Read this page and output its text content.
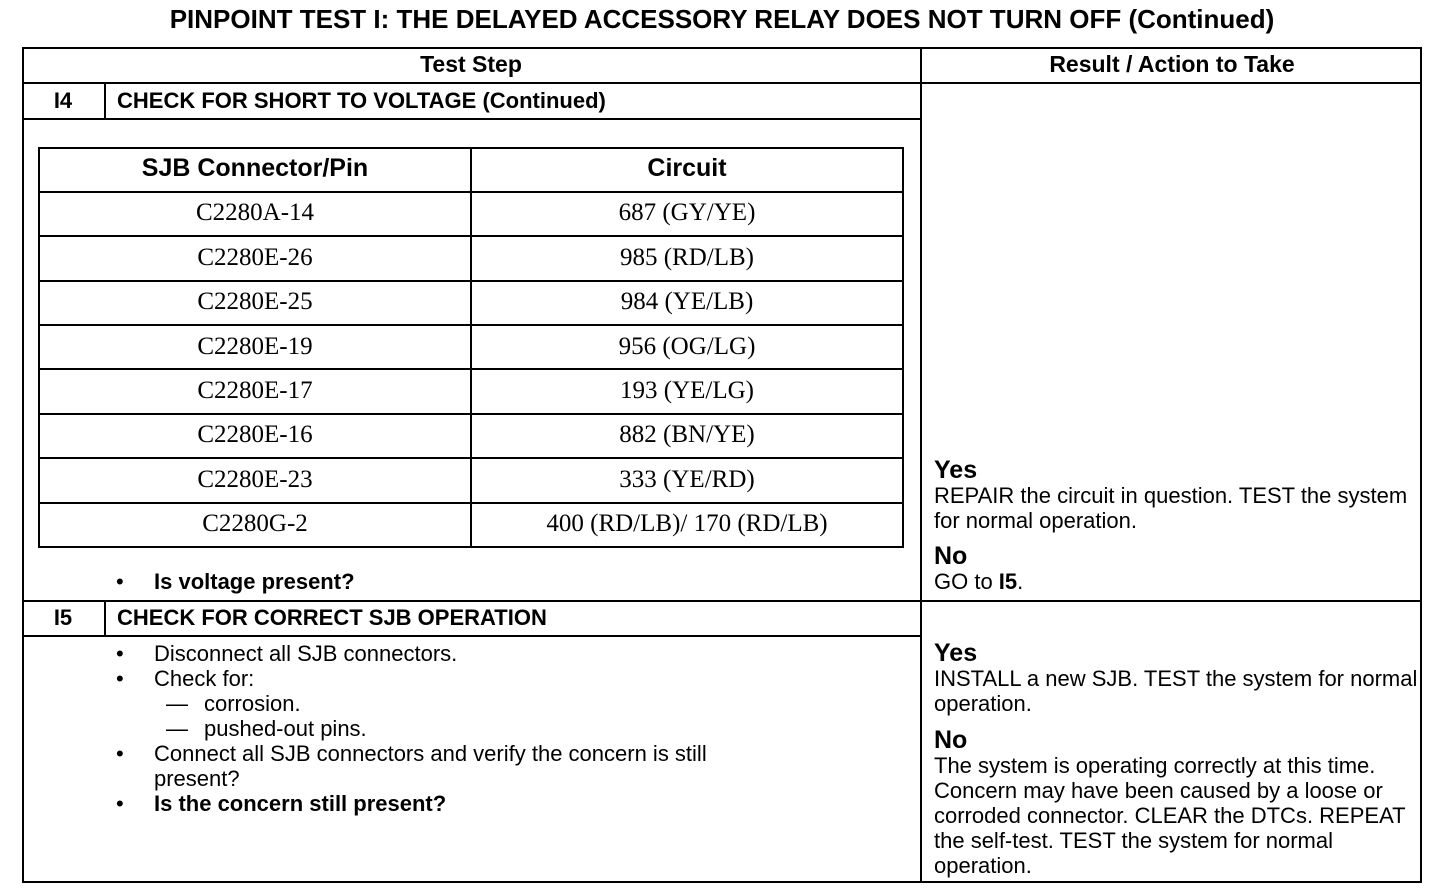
PINPOINT TEST I: THE DELAYED ACCESSORY RELAY DOES NOT TURN OFF (Continued)
Test Step	Result / Action to Take
I4	CHECK FOR SHORT TO VOLTAGE (Continued)
SJB Connector/Pin	Circuit
C2280A-14	687 (GY/YE)
C2280E-26	985 (RD/LB)
C2280E-25	984 (YE/LB)
C2280E-19	956 (OG/LG)
C2280E-17	193 (YE/LG)
C2280E-16	882 (BN/YE)
C2280E-23	333 (YE/RD)
C2280G-2	400 (RD/LB)/ 170 (RD/LB)
• Is voltage present?
Yes
REPAIR the circuit in question. TEST the system for normal operation.
No
GO to I5.
I5	CHECK FOR CORRECT SJB OPERATION
• Disconnect all SJB connectors.
• Check for:
— corrosion.
— pushed-out pins.
• Connect all SJB connectors and verify the concern is still
present?
• Is the concern still present?
Yes
INSTALL a new SJB. TEST the system for normal operation.
No
The system is operating correctly at this time. Concern may have been caused by a loose or corroded connector. CLEAR the DTCs. REPEAT the self-test. TEST the system for normal operation.
